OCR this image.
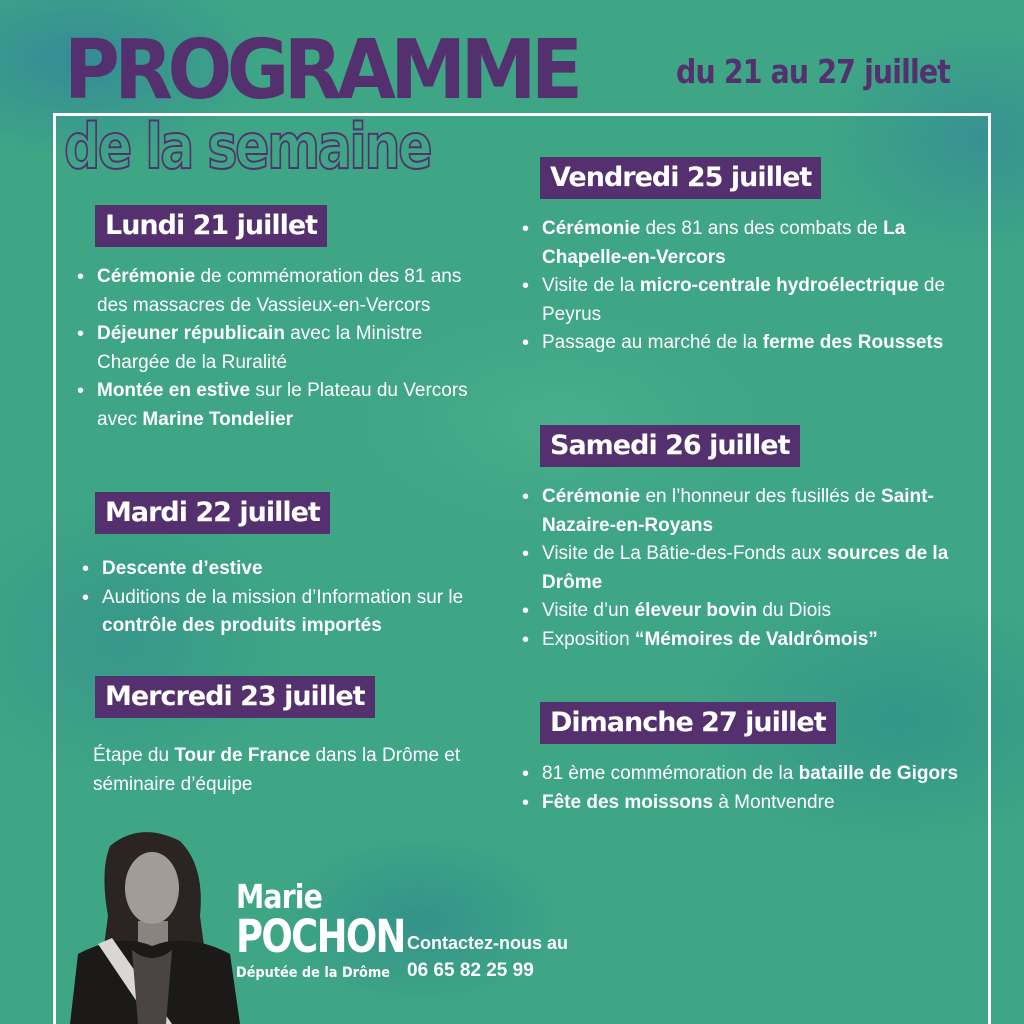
PROGRAMME
de la semaine

du 21 au 27 juillet

Lundi 21 juillet
• Cérémonie de commémoration des 81 ans des massacres de Vassieux-en-Vercors
• Déjeuner républicain avec la Ministre Chargée de la Ruralité
• Montée en estive sur le Plateau du Vercors avec Marine Tondelier
Mardi 22 juillet
• Descente d’estive
• Auditions de la mission d’Information sur le contrôle des produits importés
Mercredi 23 juillet

Étape du Tour de France dans la Drôme et séminaire d’équipe

Vendredi 25 juillet
• Cérémonie des 81 ans des combats de La Chapelle-en-Vercors
• Visite de la micro-centrale hydroélectrique de Peyrus
• Passage au marché de la ferme des Roussets
Samedi 26 juillet
• Cérémonie en l’honneur des fusillés de Saint-Nazaire-en-Royans
• Visite de La Bâtie-des-Fonds aux sources de la Drôme
• Visite d’un éleveur bovin du Diois
• Exposition “Mémoires de Valdrômois”
Dimanche 27 juillet
• 81 ème commémoration de la bataille de Gigors
• Fête des moissons à Montvendre

Marie

POCHON

Députée de la Drôme

Contactez-nous au

06 65 82 25 99
